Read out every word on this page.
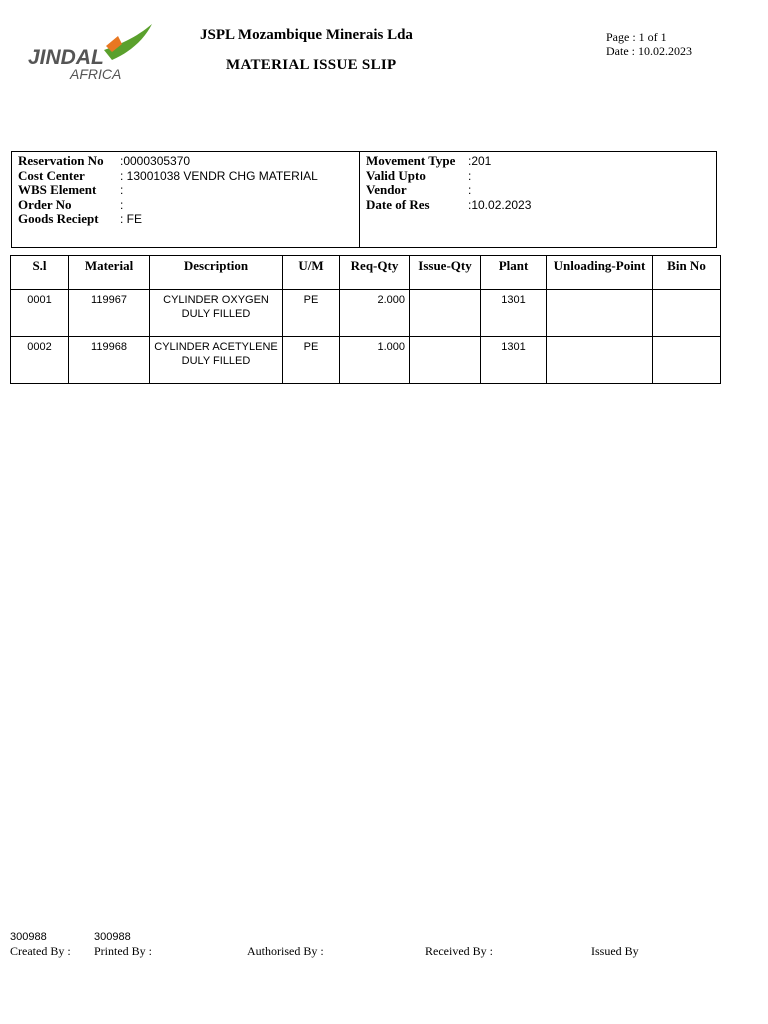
JINDAL
AFRICA
JSPL Mozambique Minerais Lda
MATERIAL ISSUE SLIP
Page : 1 of 1
Date : 10.02.2023
Reservation No	:0000305370
Cost Center	: 13001038 VENDR CHG MATERIAL
WBS Element	:
Order No	:
Goods Reciept	: FE
Movement Type	:201
Valid Upto	:
Vendor	:
Date of Res	:10.02.2023
S.l	Material	Description	U/M	Req-Qty	Issue-Qty	Plant	Unloading-Point	Bin No
0001	119967	CYLINDER OXYGEN DULY FILLED	PE	2.000		1301		
0002	119968	CYLINDER ACETYLENE DULY FILLED	PE	1.000		1301		
300988
Created By :
300988
Printed By :	Authorised By :	Received By :	Issued By
